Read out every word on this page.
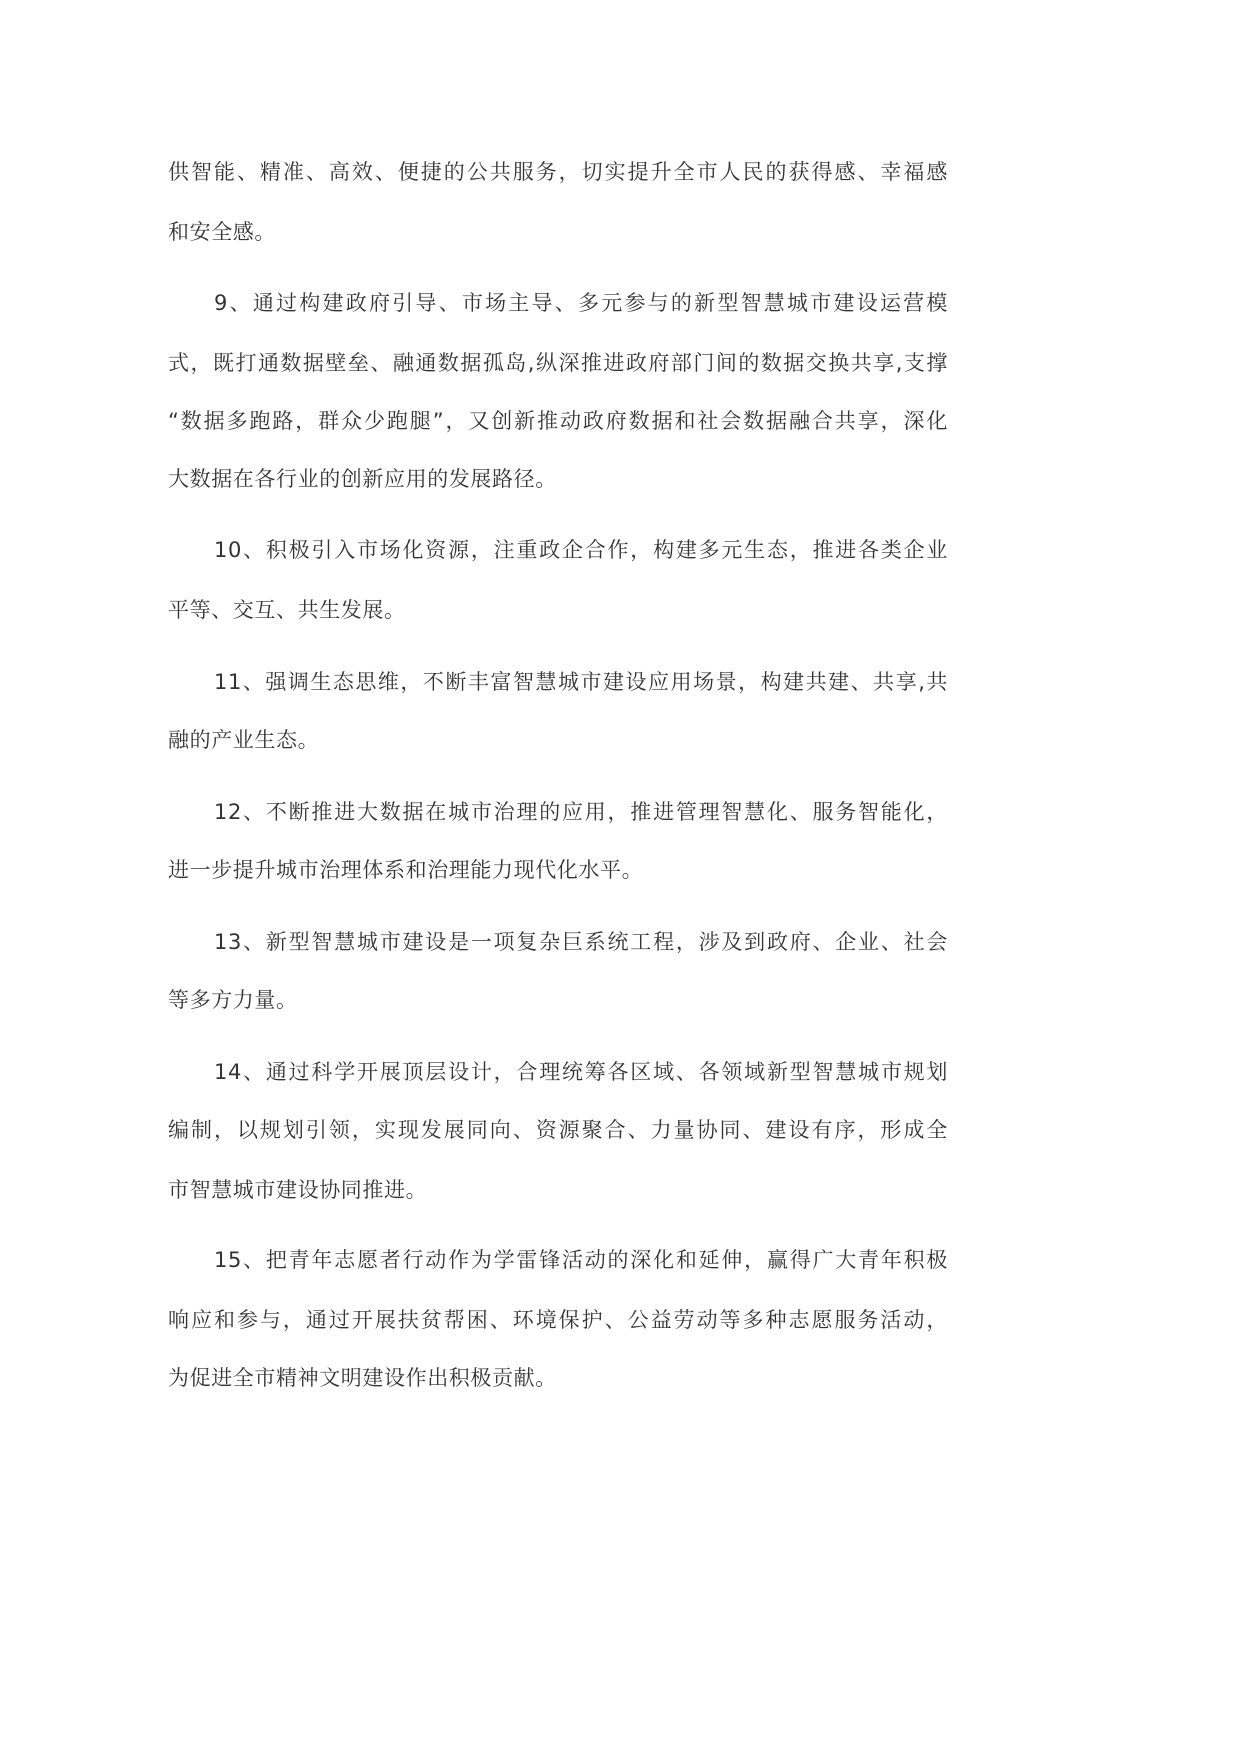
供智能、精准、高效、便捷的公共服务，切实提升全市人民的获得感、幸福感
和安全感。
9、通过构建政府引导、市场主导、多元参与的新型智慧城市建设运营模
式，既打通数据壁垒、融通数据孤岛,纵深推进政府部门间的数据交换共享,支撑
“数据多跑路，群众少跑腿”，又创新推动政府数据和社会数据融合共享，深化
大数据在各行业的创新应用的发展路径。
10、积极引入市场化资源，注重政企合作，构建多元生态，推进各类企业
平等、交互、共生发展。
11、强调生态思维，不断丰富智慧城市建设应用场景，构建共建、共享,共
融的产业生态。
12、不断推进大数据在城市治理的应用，推进管理智慧化、服务智能化，
进一步提升城市治理体系和治理能力现代化水平。
13、新型智慧城市建设是一项复杂巨系统工程，涉及到政府、企业、社会
等多方力量。
14、通过科学开展顶层设计，合理统筹各区域、各领域新型智慧城市规划
编制，以规划引领，实现发展同向、资源聚合、力量协同、建设有序，形成全
市智慧城市建设协同推进。
15、把青年志愿者行动作为学雷锋活动的深化和延伸，赢得广大青年积极
响应和参与，通过开展扶贫帮困、环境保护、公益劳动等多种志愿服务活动，
为促进全市精神文明建设作出积极贡献。
